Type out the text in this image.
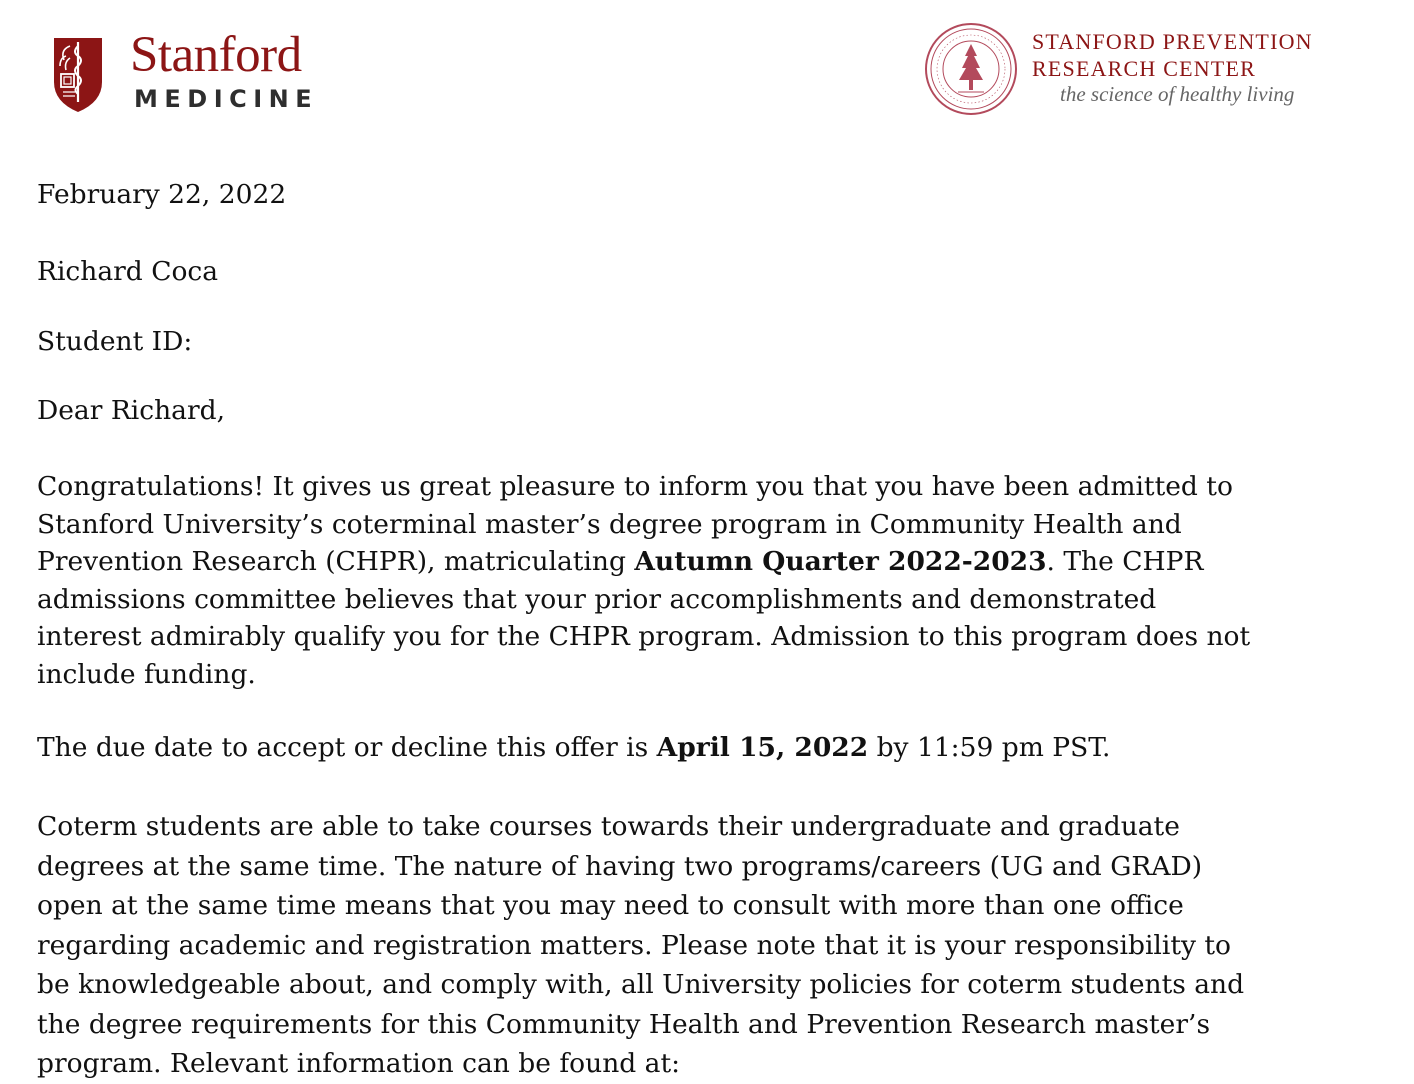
Stanford
MEDICINE
STANFORD PREVENTION
RESEARCH CENTER
the science of healthy living

February 22, 2022

Richard Coca

Student ID:

Dear Richard,

Congratulations! It gives us great pleasure to inform you that you have been admitted to
Stanford University’s coterminal master’s degree program in Community Health and
Prevention Research (CHPR), matriculating Autumn Quarter 2022-2023. The CHPR
admissions committee believes that your prior accomplishments and demonstrated
interest admirably qualify you for the CHPR program. Admission to this program does not
include funding.

The due date to accept or decline this offer is April 15, 2022 by 11:59 pm PST.

Coterm students are able to take courses towards their undergraduate and graduate
degrees at the same time. The nature of having two programs/careers (UG and GRAD)
open at the same time means that you may need to consult with more than one office
regarding academic and registration matters. Please note that it is your responsibility to
be knowledgeable about, and comply with, all University policies for coterm students and
the degree requirements for this Community Health and Prevention Research master’s
program. Relevant information can be found at:
